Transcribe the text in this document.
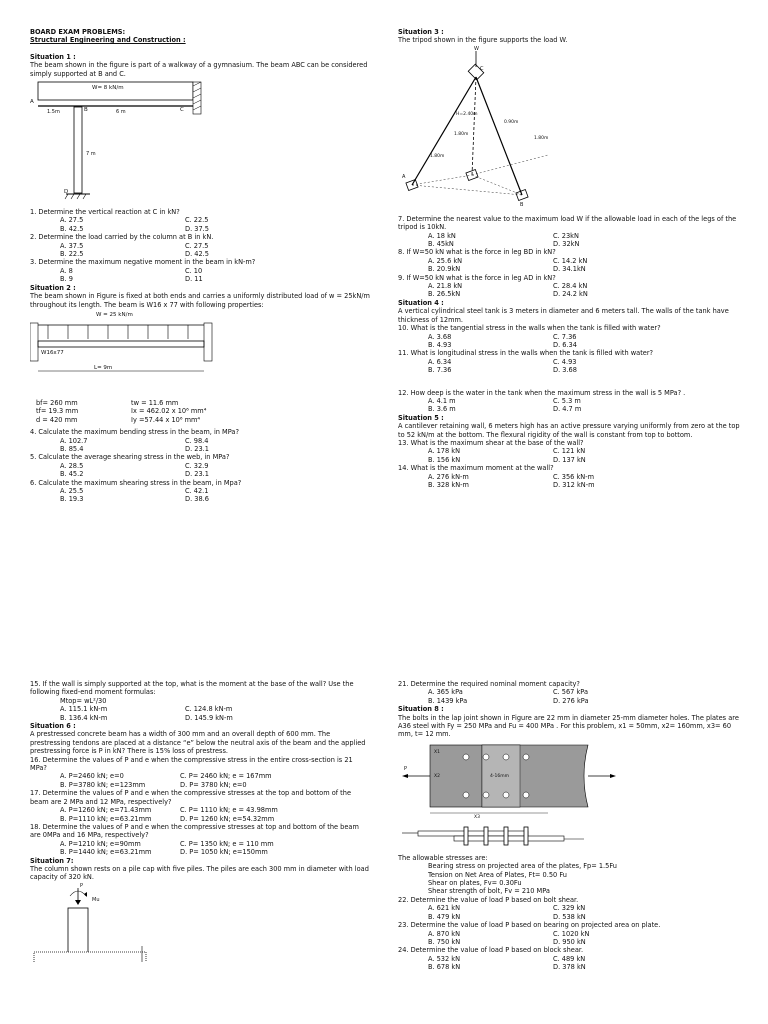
BOARD EXAM PROBLEMS:

Structural Engineering and Construction :

Situation 1 :

The beam shown in the figure is part of a walkway of a gymnasium. The beam ABC can be considered simply supported at B and C.

W= 8 kN/m
A
B	C
D
1.5m	6 m
7 m

1. Determine the vertical reaction at C in kN?

A. 27.5	C. 22.5
B. 42.5	D. 37.5

2. Determine the load carried by the column at B in kN.

A. 37.5	C. 27.5
B. 22.5	D. 42.5

3. Determine the maximum negative moment in the beam in kN-m?

A. 8	C. 10
B. 9	D. 11

Situation 2 :

The beam shown in Figure is fixed at both ends and carries a uniformly distributed load of w = 25kN/m throughout its length. The beam is W16 x 77 with following properties:

W = 25 kN/m
W16x77
L= 9m
bf= 260 mm	tw = 11.6 mm
tf= 19.3 mm	Ix = 462.02 x 10⁶ mm⁴
d = 420 mm	Iy =57.44 x 10⁶ mm⁴

4. Calculate the maximum bending stress in the beam, in MPa?

A. 102.7	C. 98.4
B. 85.4	D. 23.1

5. Calculate the average shearing stress in the web, in MPa?

A. 28.5	C. 32.9
B. 45.2	D. 23.1

6. Calculate the maximum shearing stress in the beam, in Mpa?

A. 25.5	C. 42.1
B. 19.3	D. 38.6

Situation 3 :

The tripod shown in the figure supports the load W.

W
C
A
B
H=2.40m
0.90m
1.80m
1.80m
1.80m

7. Determine the nearest value to the maximum load W if the allowable load in each of the legs of the tripod is 10kN.

A. 18 kN	C. 23kN
B. 45kN	D. 32kN

8. If W=50 kN what is the force in leg BD in kN?

A. 25.6 kN	C. 14.2 kN
B. 20.9kN	D. 34.1kN

9. If W=50 kN what is the force in leg AD in kN?

A. 21.8 kN	C. 28.4 kN
B. 26.5kN	D. 24.2 kN

Situation 4 :

A vertical cylindrical steel tank is 3 meters in diameter and 6 meters tall. The walls of the tank have thickness of 12mm.

10. What is the tangential stress in the walls when the tank is filled with water?

A. 3.68	C. 7.36
B. 4.93	D. 6.34

11. What is longitudinal stress in the walls when the tank is filled with water?

A. 6.34	C. 4.93
B. 7.36	D. 3.68

12. How deep is the water in the tank when the maximum stress in the wall is 5 MPa? .

A. 4.1 m	C. 5.3 m
B. 3.6 m	D. 4.7 m

Situation 5 :

A cantilever retaining wall, 6 meters high has an active pressure varying uniformly from zero at the top to 52 kN/m at the bottom. The flexural rigidity of the wall is constant from top to bottom.

13. What is the maximum shear at the base of the wall?

A. 178 kN	C. 121 kN
B. 156 kN	D. 137 kN

14. What is the maximum moment at the wall?

A. 276 kN-m	C. 356 kN-m
B. 328 kN-m	D. 312 kN-m

15. If the wall is simply supported at the top, what is the moment at the base of the wall? Use the following fixed-end moment formulas:

Mtop= wL²/30

A. 115.1 kN-m	C. 124.8 kN-m
B. 136.4 kN-m	D. 145.9 kN-m

Situation 6 :

A prestressed concrete beam has a width of 300 mm and an overall depth of 600 mm. The prestressing tendons are placed at a distance “e” below the neutral axis of the beam and the applied prestressing force is P in kN? There is 15% loss of prestress.

16. Determine the values of P and e when the compressive stress in the entire cross-section is 21 MPa?

A. P=2460 kN; e=0	C. P= 2460 kN; e = 167mm
B. P=3780 kN; e=123mm	D. P= 3780 kN; e=0

17. Determine the values of P and e when the compressive stresses at the top and bottom of the beam are 2 MPa and 12 MPa, respectively?

A. P=1260 kN; e=71.43mm	C. P= 1110 kN; e = 43.98mm
B. P=1110 kN; e=63.21mm	D. P= 1260 kN; e=54.32mm

18. Determine the values of P and e when the compressive stresses at top and bottom of the beam are 0MPa and 16 MPa, respectively?

A. P=1210 kN; e=90mm	C. P= 1350 kN; e = 110 mm
B. P=1440 kN; e=63.21mm	D. P= 1050 kN; e=150mm

Situation 7:

The column shown rests on a pile cap with five piles. The piles are each 300 mm in diameter with load capacity of 320 kN.

P
Mu

21. Determine the required nominal moment capacity?

A. 365 kPa	C. 567 kPa
B. 1439 kPa	D. 276 kPa

Situation 8 :

The bolts in the lap joint shown in Figure are 22 mm in diameter 25-mm diameter holes. The plates are A36 steel with Fy = 250 MPa and Fu = 400 MPa . For this problem, x1 = 50mm, x2= 160mm, x3= 60 mm, t= 12 mm.

P
4-16mm
X1
X2
X3

The allowable stresses are:

Bearing stress on projected area of the plates, Fp= 1.5Fu

Tension on Net Area of Plates, Ft= 0.50 Fu

Shear on plates, Fv= 0.30Fu

Shear strength of bolt, Fv = 210 MPa

22. Determine the value of load P based on bolt shear.

A. 621 kN	C. 329 kN
B. 479 kN	D. 538 kN

23. Determine the value of load P based on bearing on projected area on plate.

A. 870 kN	C. 1020 kN
B. 750 kN	D. 950 kN

24. Determine the value of load P based on block shear.

A. 532 kN	C. 489 kN
B. 678 kN	D. 378 kN
